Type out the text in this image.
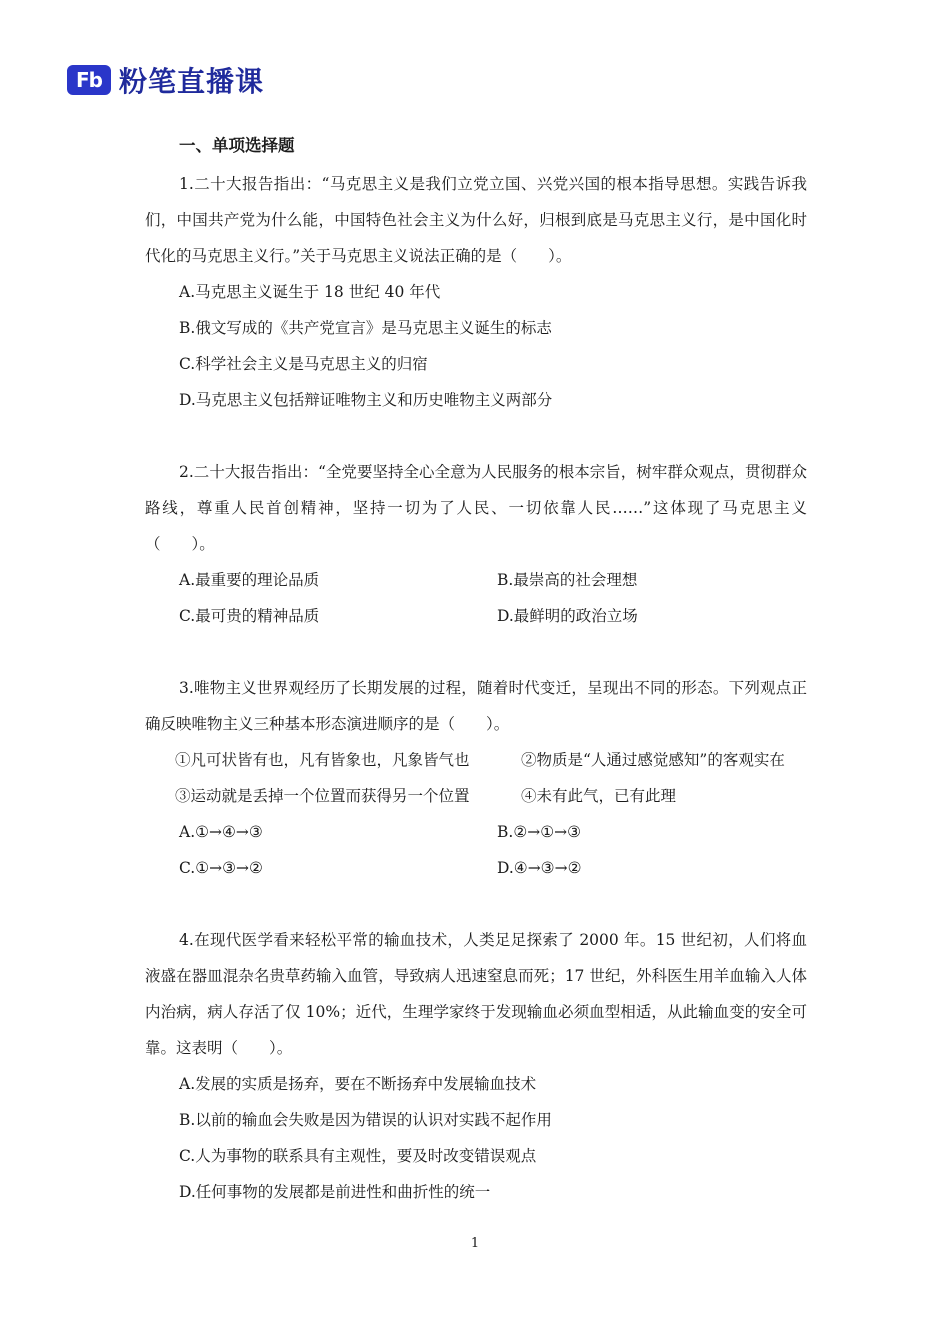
Fb 粉笔直播课
一、单项选择题

1.二十大报告指出：“马克思主义是我们立党立国、兴党兴国的根本指导思想。实践告诉我们，中国共产党为什么能，中国特色社会主义为什么好，归根到底是马克思主义行，是中国化时代化的马克思主义行。”关于马克思主义说法正确的是（　　）。

A.马克思主义诞生于 18 世纪 40 年代

B.俄文写成的《共产党宣言》是马克思主义诞生的标志

C.科学社会主义是马克思主义的归宿

D.马克思主义包括辩证唯物主义和历史唯物主义两部分

2.二十大报告指出：“全党要坚持全心全意为人民服务的根本宗旨，树牢群众观点，贯彻群众路线，尊重人民首创精神，坚持一切为了人民、一切依靠人民……”这体现了马克思主义（　　）。

A.最重要的理论品质	B.最崇高的社会理想
C.最可贵的精神品质	D.最鲜明的政治立场

3.唯物主义世界观经历了长期发展的过程，随着时代变迁，呈现出不同的形态。下列观点正确反映唯物主义三种基本形态演进顺序的是（　　）。

①凡可状皆有也，凡有皆象也，凡象皆气也	②物质是“人通过感觉感知”的客观实在
③运动就是丢掉一个位置而获得另一个位置	④未有此气，已有此理
A.①→④→③	B.②→①→③
C.①→③→②	D.④→③→②

4.在现代医学看来轻松平常的输血技术，人类足足探索了 2000 年。15 世纪初，人们将血液盛在器皿混杂名贵草药输入血管，导致病人迅速窒息而死；17 世纪，外科医生用羊血输入人体内治病，病人存活了仅 10%；近代，生理学家终于发现输血必须血型相适，从此输血变的安全可靠。这表明（　　）。

A.发展的实质是扬弃，要在不断扬弃中发展输血技术

B.以前的输血会失败是因为错误的认识对实践不起作用

C.人为事物的联系具有主观性，要及时改变错误观点

D.任何事物的发展都是前进性和曲折性的统一

1
